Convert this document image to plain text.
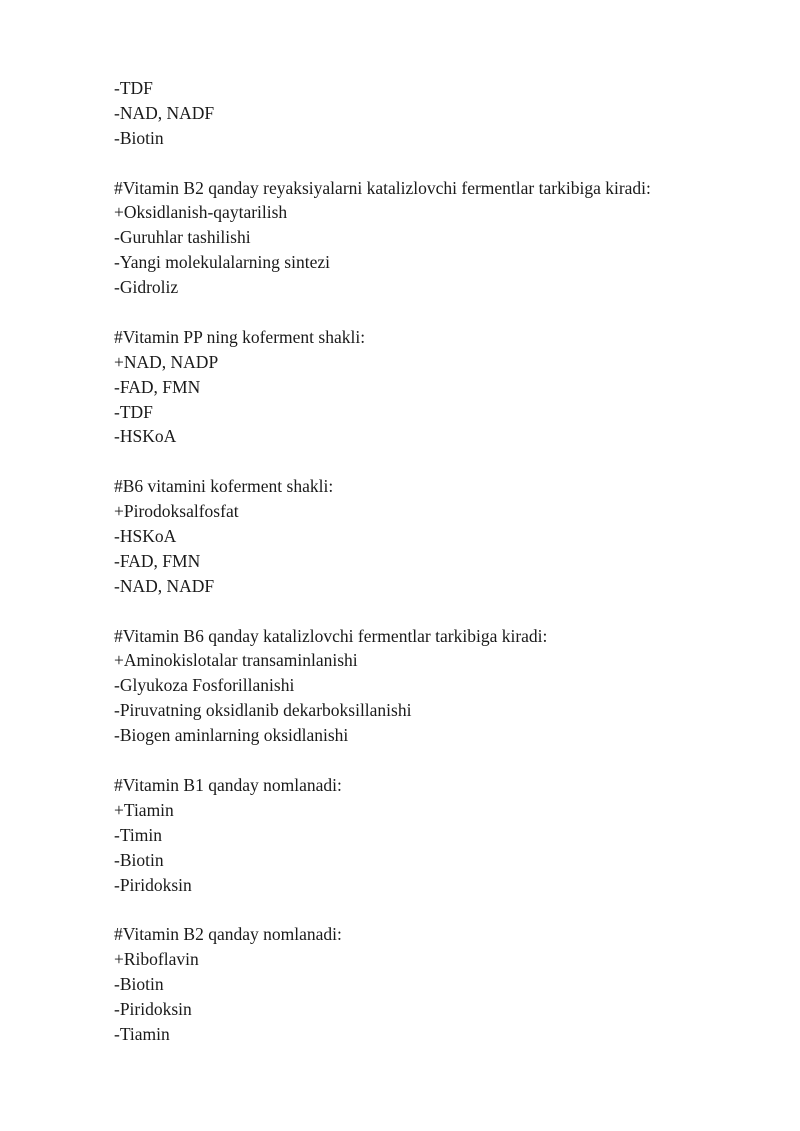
-TDF
-NAD, NADF
-Biotin
#Vitamin B2 qanday reyaksiyalarni katalizlovchi fermentlar tarkibiga kiradi:
+Oksidlanish-qaytarilish
-Guruhlar tashilishi
-Yangi molekulalarning sintezi
-Gidroliz
#Vitamin PP ning koferment shakli:
+NAD, NADP
-FAD, FMN
-TDF
-HSKoA
#B6 vitamini koferment shakli:
+Pirodoksalfosfat
-HSKoA
-FAD, FMN
-NAD, NADF
#Vitamin B6 qanday katalizlovchi fermentlar tarkibiga kiradi:
+Aminokislotalar transaminlanishi
-Glyukoza Fosforillanishi
-Piruvatning oksidlanib dekarboksillanishi
-Biogen aminlarning oksidlanishi
#Vitamin B1 qanday nomlanadi:
+Tiamin
-Timin
-Biotin
-Piridoksin
#Vitamin B2 qanday nomlanadi:
+Riboflavin
-Biotin
-Piridoksin
-Tiamin
